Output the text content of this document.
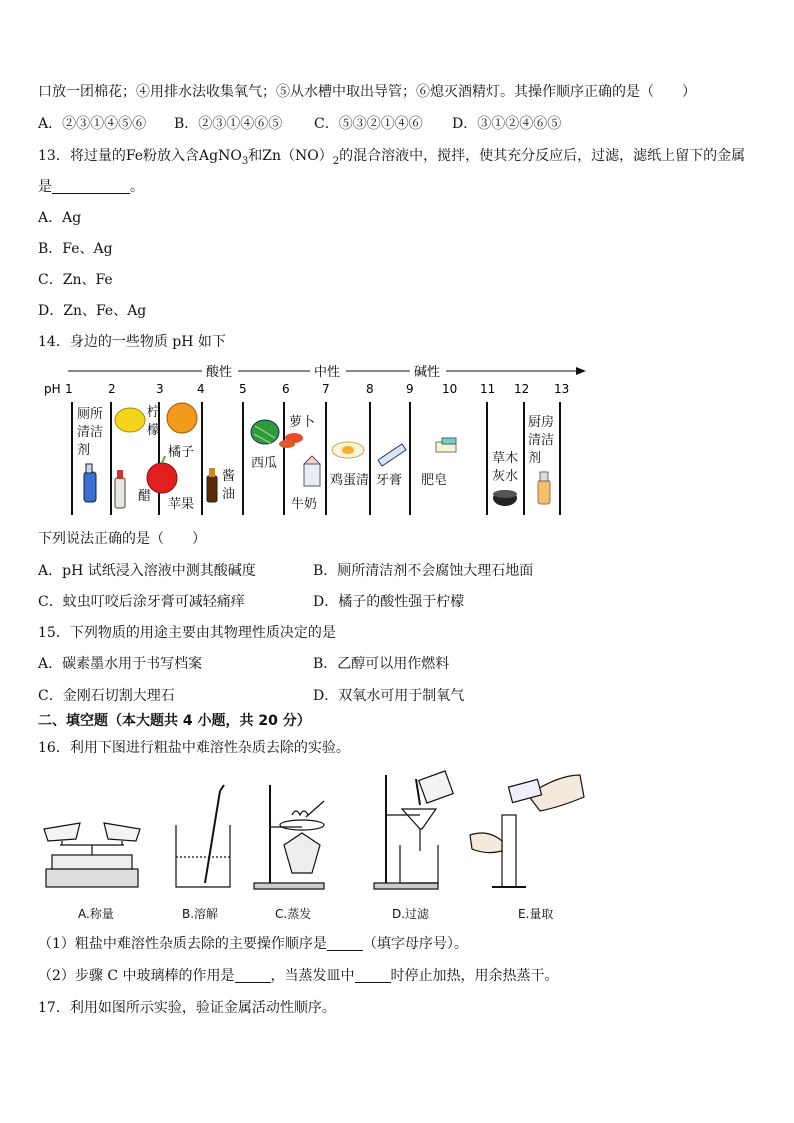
口放一团棉花；④用排水法收集氧气；⑤从水槽中取出导管；⑥熄灭酒精灯。其操作顺序正确的是（　　）
A．②③①④⑤⑥ B．②③①④⑥⑤ C．⑤③②①④⑥ D．③①②④⑥⑤
13．将过量的Fe粉放入含AgNO$_3$和$Zn(NO)_2$的混合溶液中，搅拌，使其充分反应后，过滤，滤纸上留下的金属
是	。
A．Ag
B．Fe、Ag
C．Zn、Fe
D．Zn、Fe、Ag
14．身边的一些物质 pH 如下
酸性	中性	碱性
pH 1	2	3	4	5	6	7	8	9 10 11 12 13
厕所
清洁
剂
柠
檬
醋
橘子
苹果
酱
油
西瓜
萝卜
牛奶
鸡蛋清 牙膏 肥皂
草木
灰水
厨房
清洁
剂
下列说法正确的是（　　）
A．pH 试纸浸入溶液中测其酸碱度	B．厕所清洁剂不会腐蚀大理石地面
C．蚊虫叮咬后涂牙膏可减轻痛痒	D．橘子的酸性强于柠檬
15．下列物质的用途主要由其物理性质决定的是
A．碳素墨水用于书写档案	B．乙醇可以用作燃料
C．金刚石切割大理石	D．双氧水可用于制氧气
二、填空题（本大题共 4 小题，共 20 分）
16．利用下图进行粗盐中难溶性杂质去除的实验。
A.称量	B.溶解	C.蒸发	D.过滤	E.量取
（1）粗盐中难溶性杂质去除的主要操作顺序是	（填字母序号）。
（2）步骤 C 中玻璃棒的作用是	，当蒸发皿中	时停止加热，用余热蒸干。
17．利用如图所示实验，验证金属活动性顺序。
